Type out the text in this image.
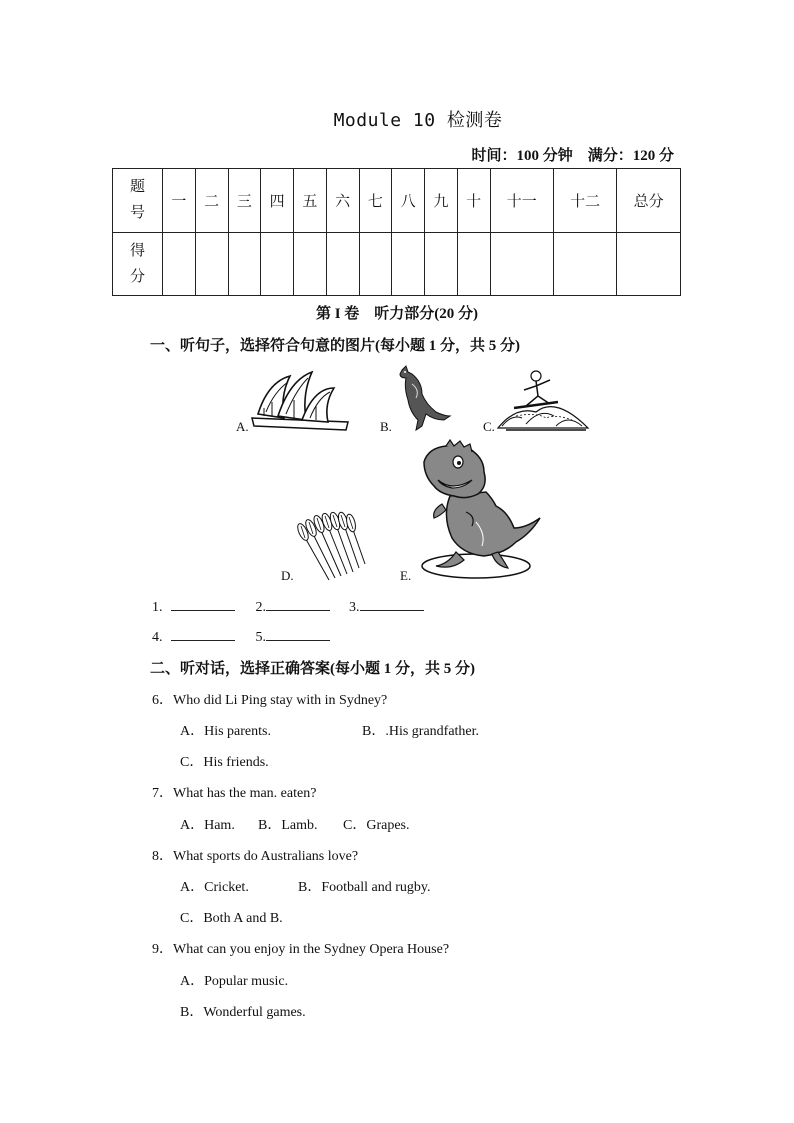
Module 10 检测卷
时间：100 分钟　满分：120 分
题
号	一	二	三	四	五	六	七	八	九	十	十一	十二	总分

得
分													

第 I 卷　听力部分(20 分)
一、听句子，选择符合句意的图片(每小题 1 分，共 5 分)
A.	B.	C.
D.	E.
1.	2.	3.
4.	5.
二、听对话，选择正确答案(每小题 1 分，共 5 分)
6．Who did Li Ping stay with in Sydney?
A．His parents.	B．.His grandfather.
C．His friends.
7．What has the man. eaten?
A．Ham. B．Lamb. C．Grapes.
8．What sports do Australians love?
A．Cricket.	B．Football and rugby.
C．Both A and B.
9．What can you enjoy in the Sydney Opera House?
A．Popular music.
B．Wonderful games.
